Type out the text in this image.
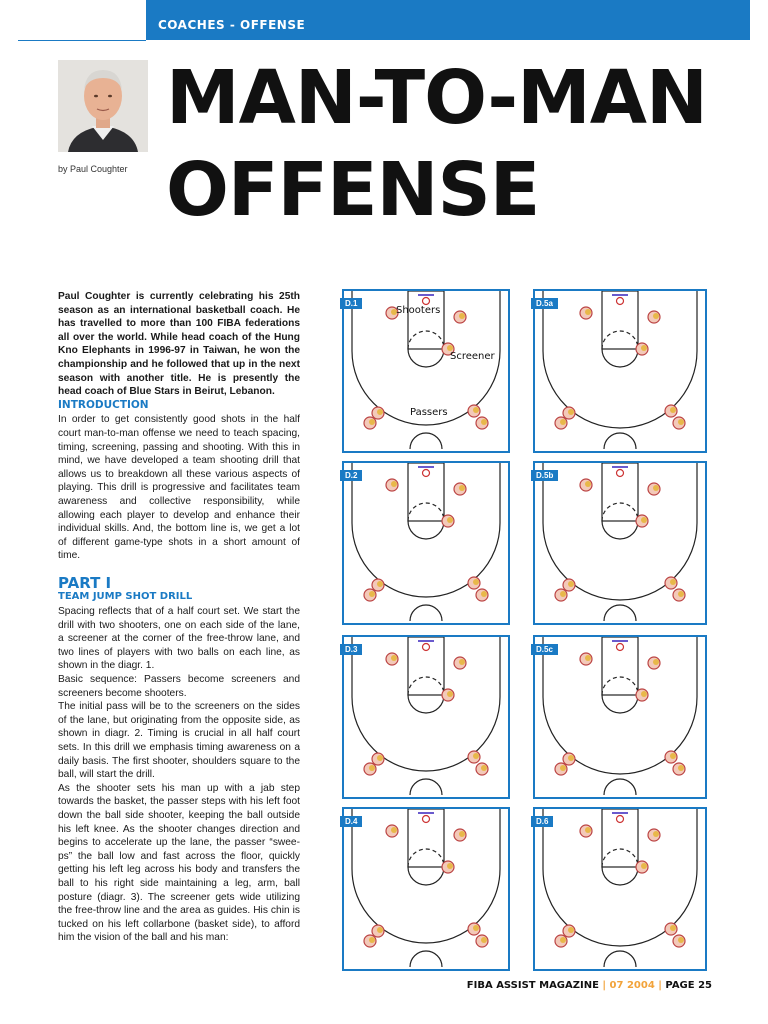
COACHES - OFFENSE
by Paul Coughter
MAN-TO-MAN
OFFENSE

Paul Coughter is currently celebrating his 25th season as an international basketball coach. He has travelled to more than 100 FIBA federations all over the world. While head coach of the Hung Kno Elephants in 1996-97 in Taiwan, he won the championship and he followed that up in the next season with another title. He is presently the head coach of Blue Stars in Beirut, Lebanon.

INTRODUCTION

In order to get consistently good shots in the half court man-to-man offense we need to teach spacing, timing, screening, passing and shooting. With this in mind, we have developed a team shooting drill that allows us to breakdown all these various aspects of playing. This drill is progressive and facilitates team awareness and collective responsibility, while allowing each player to develop and enhance their individual skills. And, the bottom line is, we get a lot of different game-type shots in a short amount of time.

PART I
TEAM JUMP SHOT DRILL

Spacing reflects that of a half court set. We start the drill with two shooters, one on each side of the lane, a screener at the corner of the free-throw lane, and two lines of players with two balls on each line, as shown in the diagr. 1.

Basic sequence: Passers become screeners and screeners become shooters.

The initial pass will be to the screeners on the sides of the lane, but originating from the opposite side, as shown in diagr. 2. Timing is crucial in all half court sets. In this drill we emphasis timing awareness on a daily basis. The first shooter, shoulders square to the ball, will start the drill.

As the shooter sets his man up with a jab step towards the basket, the passer steps with his left foot down the ball side shooter, keeping the ball outside his left knee. As the shooter changes direction and begins to accelerate up the lane, the passer “swee-ps” the ball low and fast across the floor, quickly getting his left leg across his body and transfers the ball to his right side maintaining a leg, arm, ball posture (diagr. 3). The screener gets wide utilizing the free-throw line and the area as guides. His chin is tucked on his left collarbone (basket side), to afford him the vision of the ball and his man:

D.1
Shooters
Screener
Passers
D.5a
D.2	D.5b
D.3	D.5c
D.4	D.6
FIBA ASSIST MAGAZINE | 07 2004 | PAGE 25
